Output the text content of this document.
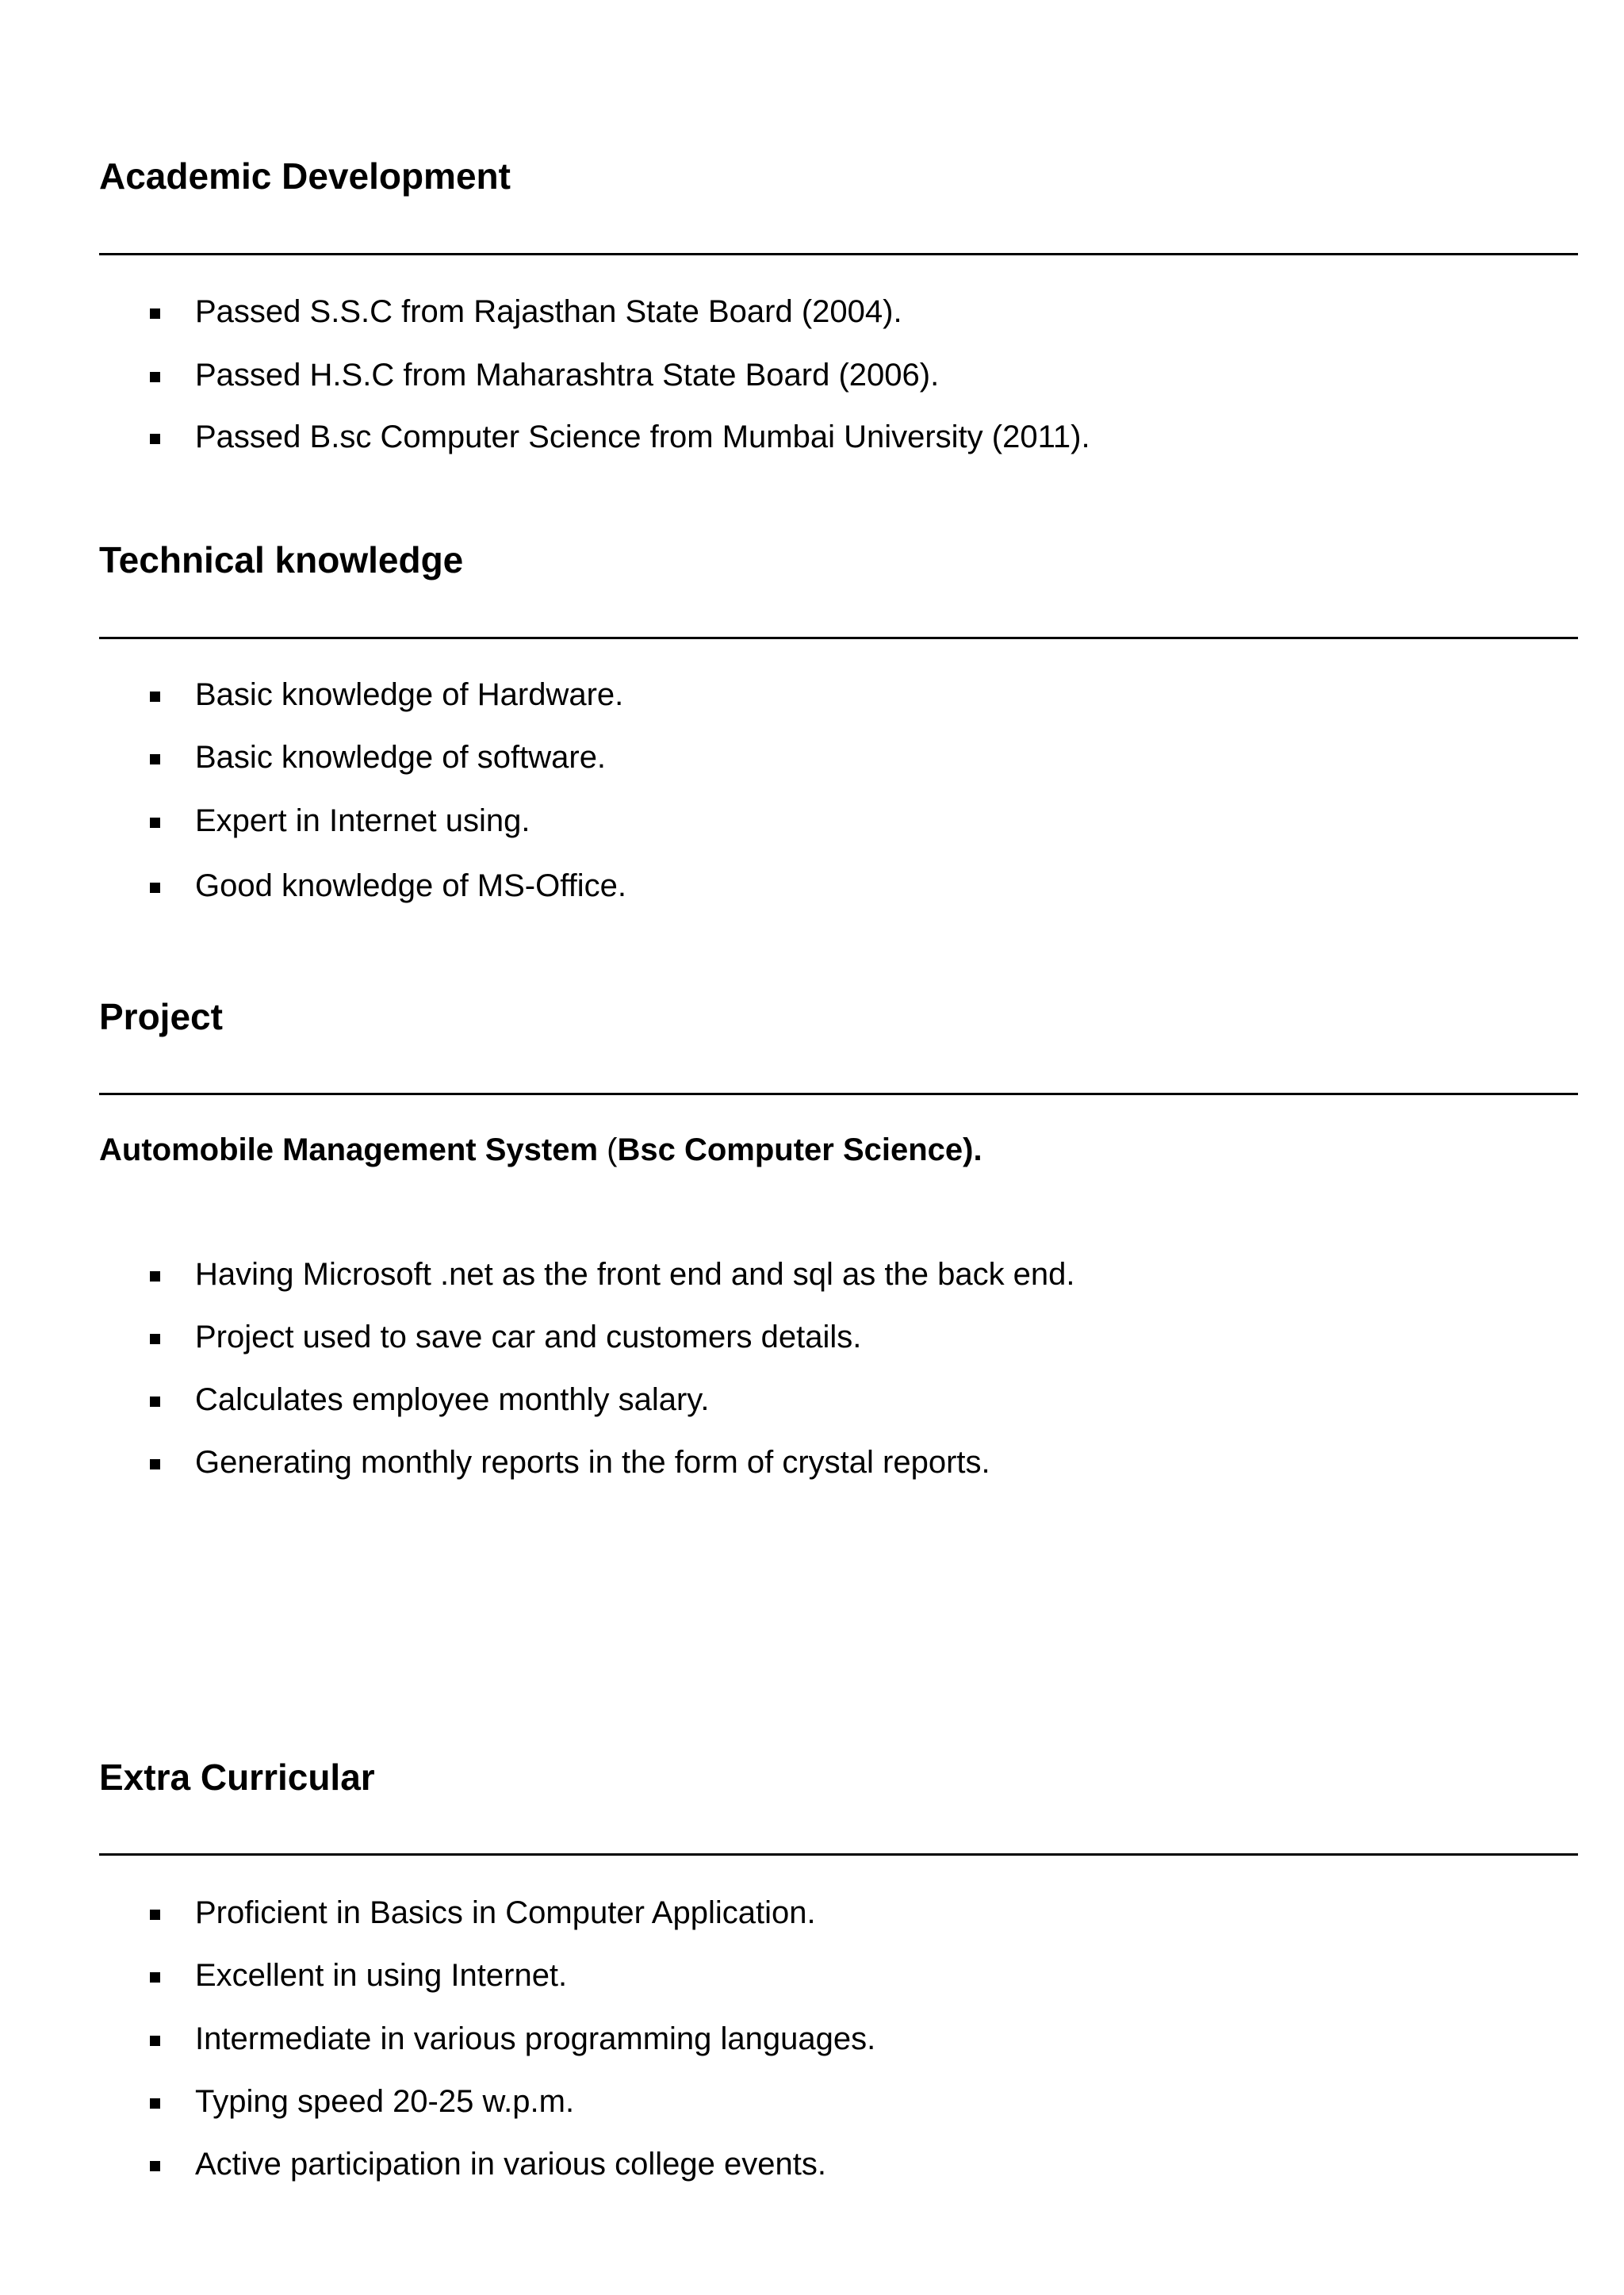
Academic Development
Passed S.S.C from Rajasthan State Board (2004).
Passed H.S.C from Maharashtra State Board (2006).
Passed B.sc Computer Science from Mumbai University (2011).
Technical knowledge
Basic knowledge of Hardware.
Basic knowledge of software.
Expert in Internet using.
Good knowledge of MS-Office.
Project
Automobile Management System (Bsc Computer Science).
Having Microsoft .net as the front end and sql as the back end.
Project used to save car and customers details.
Calculates employee monthly salary.
Generating monthly reports in the form of crystal reports.
Extra Curricular
Proficient in Basics in Computer Application.
Excellent in using Internet.
Intermediate in various programming languages.
Typing speed 20-25 w.p.m.
Active participation in various college events.
